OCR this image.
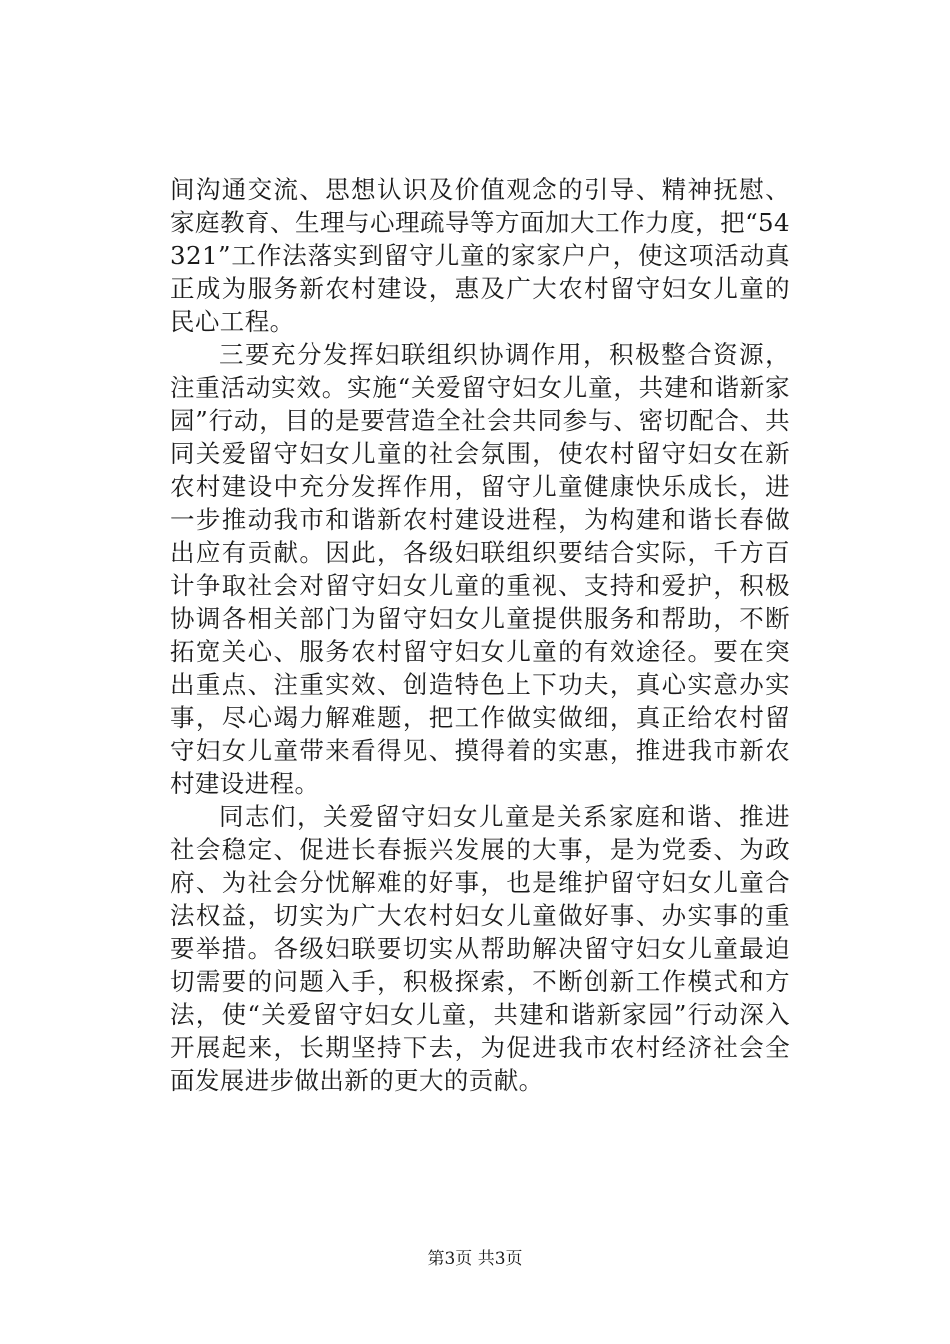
间沟通交流、思想认识及价值观念的引导、精神抚慰、家庭教育、生理与心理疏导等方面加大工作力度，把“54321”工作法落实到留守儿童的家家户户，使这项活动真正成为服务新农村建设，惠及广大农村留守妇女儿童的民心工程。

三要充分发挥妇联组织协调作用，积极整合资源，注重活动实效。实施“关爱留守妇女儿童，共建和谐新家园”行动，目的是要营造全社会共同参与、密切配合、共同关爱留守妇女儿童的社会氛围，使农村留守妇女在新农村建设中充分发挥作用，留守儿童健康快乐成长，进一步推动我市和谐新农村建设进程，为构建和谐长春做出应有贡献。因此，各级妇联组织要结合实际，千方百计争取社会对留守妇女儿童的重视、支持和爱护，积极协调各相关部门为留守妇女儿童提供服务和帮助，不断拓宽关心、服务农村留守妇女儿童的有效途径。要在突出重点、注重实效、创造特色上下功夫，真心实意办实事，尽心竭力解难题，把工作做实做细，真正给农村留守妇女儿童带来看得见、摸得着的实惠，推进我市新农村建设进程。

同志们，关爱留守妇女儿童是关系家庭和谐、推进社会稳定、促进长春振兴发展的大事，是为党委、为政府、为社会分忧解难的好事，也是维护留守妇女儿童合法权益，切实为广大农村妇女儿童做好事、办实事的重要举措。各级妇联要切实从帮助解决留守妇女儿童最迫切需要的问题入手，积极探索，不断创新工作模式和方法，使“关爱留守妇女儿童，共建和谐新家园”行动深入开展起来，长期坚持下去，为促进我市农村经济社会全面发展进步做出新的更大的贡献。

第3页 共3页
